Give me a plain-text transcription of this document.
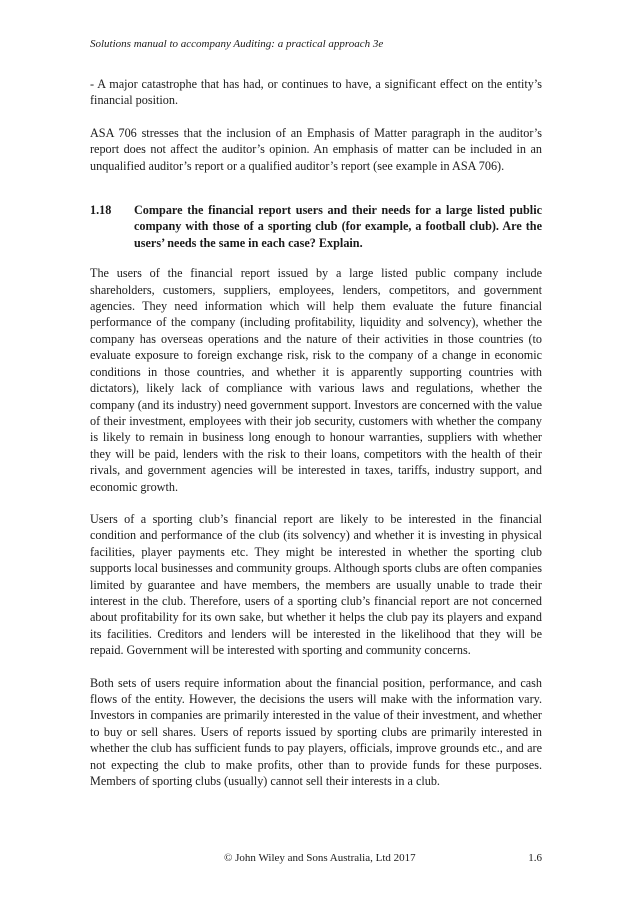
Solutions manual to accompany Auditing: a practical approach 3e

- A major catastrophe that has had, or continues to have, a significant effect on the entity’s financial position.

ASA 706 stresses that the inclusion of an Emphasis of Matter paragraph in the auditor’s report does not affect the auditor’s opinion. An emphasis of matter can be included in an unqualified auditor’s report or a qualified auditor’s report (see example in ASA 706).

1.18	Compare the financial report users and their needs for a large listed public company with those of a sporting club (for example, a football club). Are the users’ needs the same in each case? Explain.

The users of the financial report issued by a large listed public company include shareholders, customers, suppliers, employees, lenders, competitors, and government agencies. They need information which will help them evaluate the future financial performance of the company (including profitability, liquidity and solvency), whether the company has overseas operations and the nature of their activities in those countries (to evaluate exposure to foreign exchange risk, risk to the company of a change in economic conditions in those countries, and whether it is apparently supporting countries with dictators), likely lack of compliance with various laws and regulations, whether the company (and its industry) need government support. Investors are concerned with the value of their investment, employees with their job security, customers with whether the company is likely to remain in business long enough to honour warranties, suppliers with whether they will be paid, lenders with the risk to their loans, competitors with the health of their rivals, and government agencies will be interested in taxes, tariffs, industry support, and economic growth.

Users of a sporting club’s financial report are likely to be interested in the financial condition and performance of the club (its solvency) and whether it is investing in physical facilities, player payments etc. They might be interested in whether the sporting club supports local businesses and community groups. Although sports clubs are often companies limited by guarantee and have members, the members are usually unable to trade their interest in the club. Therefore, users of a sporting club’s financial report are not concerned about profitability for its own sake, but whether it helps the club pay its players and expand its facilities. Creditors and lenders will be interested in the likelihood that they will be repaid. Government will be interested with sporting and community concerns.

Both sets of users require information about the financial position, performance, and cash flows of the entity. However, the decisions the users will make with the information vary. Investors in companies are primarily interested in the value of their investment, and whether to buy or sell shares. Users of reports issued by sporting clubs are primarily interested in whether the club has sufficient funds to pay players, officials, improve grounds etc., and are not expecting the club to make profits, other than to provide funds for these purposes. Members of sporting clubs (usually) cannot sell their interests in a club.

© John Wiley and Sons Australia, Ltd 2017	1.6
